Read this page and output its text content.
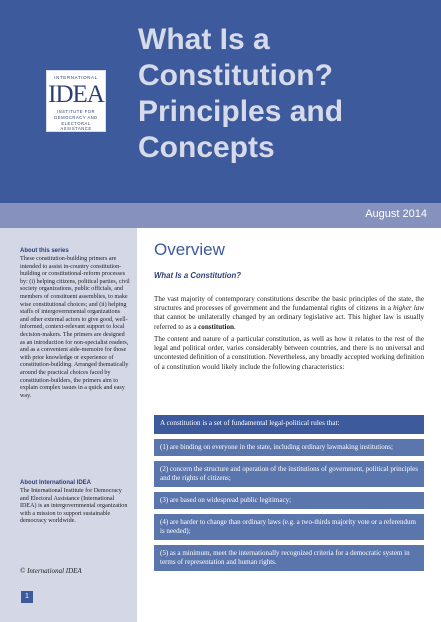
INTERNATIONAL
IDEA
INSTITUTE FOR
DEMOCRACY AND
ELECTORAL ASSISTANCE
What Is a
Constitution?
Principles and
Concepts
August 2014
About this series
These constitution-building primers are intended to assist in-country constitution-building or constitutional-reform processes by: (i) helping citizens, political parties, civil society organizations, public officials, and members of constituent assemblies, to make wise constitutional choices; and (ii) helping staffs of intergovernmental organizations and other external actors to give good, well-informed, context-relevant support to local decision-makers. The primers are designed as an introduction for non-specialist readers, and as a convenient aide-memoire for those with prior knowledge or experience of constitution-building. Arranged thematically around the practical choices faced by constitution-builders, the primers aim to explain complex issues in a quick and easy way.
About International IDEA
The International Institute for Democracy and Electoral Assistance (International IDEA) is an intergovernmental organization with a mission to support sustainable democracy worldwide.
© International IDEA
1
Overview
What Is a Constitution?
The vast majority of contemporary constitutions describe the basic principles of the state, the structures and processes of government and the fundamental rights of citizens in a higher law that cannot be unilaterally changed by an ordinary legislative act. This higher law is usually referred to as a constitution.
The content and nature of a particular constitution, as well as how it relates to the rest of the legal and political order, varies considerably between countries, and there is no universal and uncontested definition of a constitution. Nevertheless, any broadly accepted working definition of a constitution would likely include the following characteristics:
A constitution is a set of fundamental legal-political rules that:
(1) are binding on everyone in the state, including ordinary lawmaking institutions;
(2) concern the structure and operation of the institutions of government, political principles and the rights of citizens;
(3) are based on widespread public legitimacy;
(4) are harder to change than ordinary laws (e.g. a two-thirds majority vote or a referendum is needed);
(5) as a minimum, meet the internationally recognized criteria for a democratic system in terms of representation and human rights.
